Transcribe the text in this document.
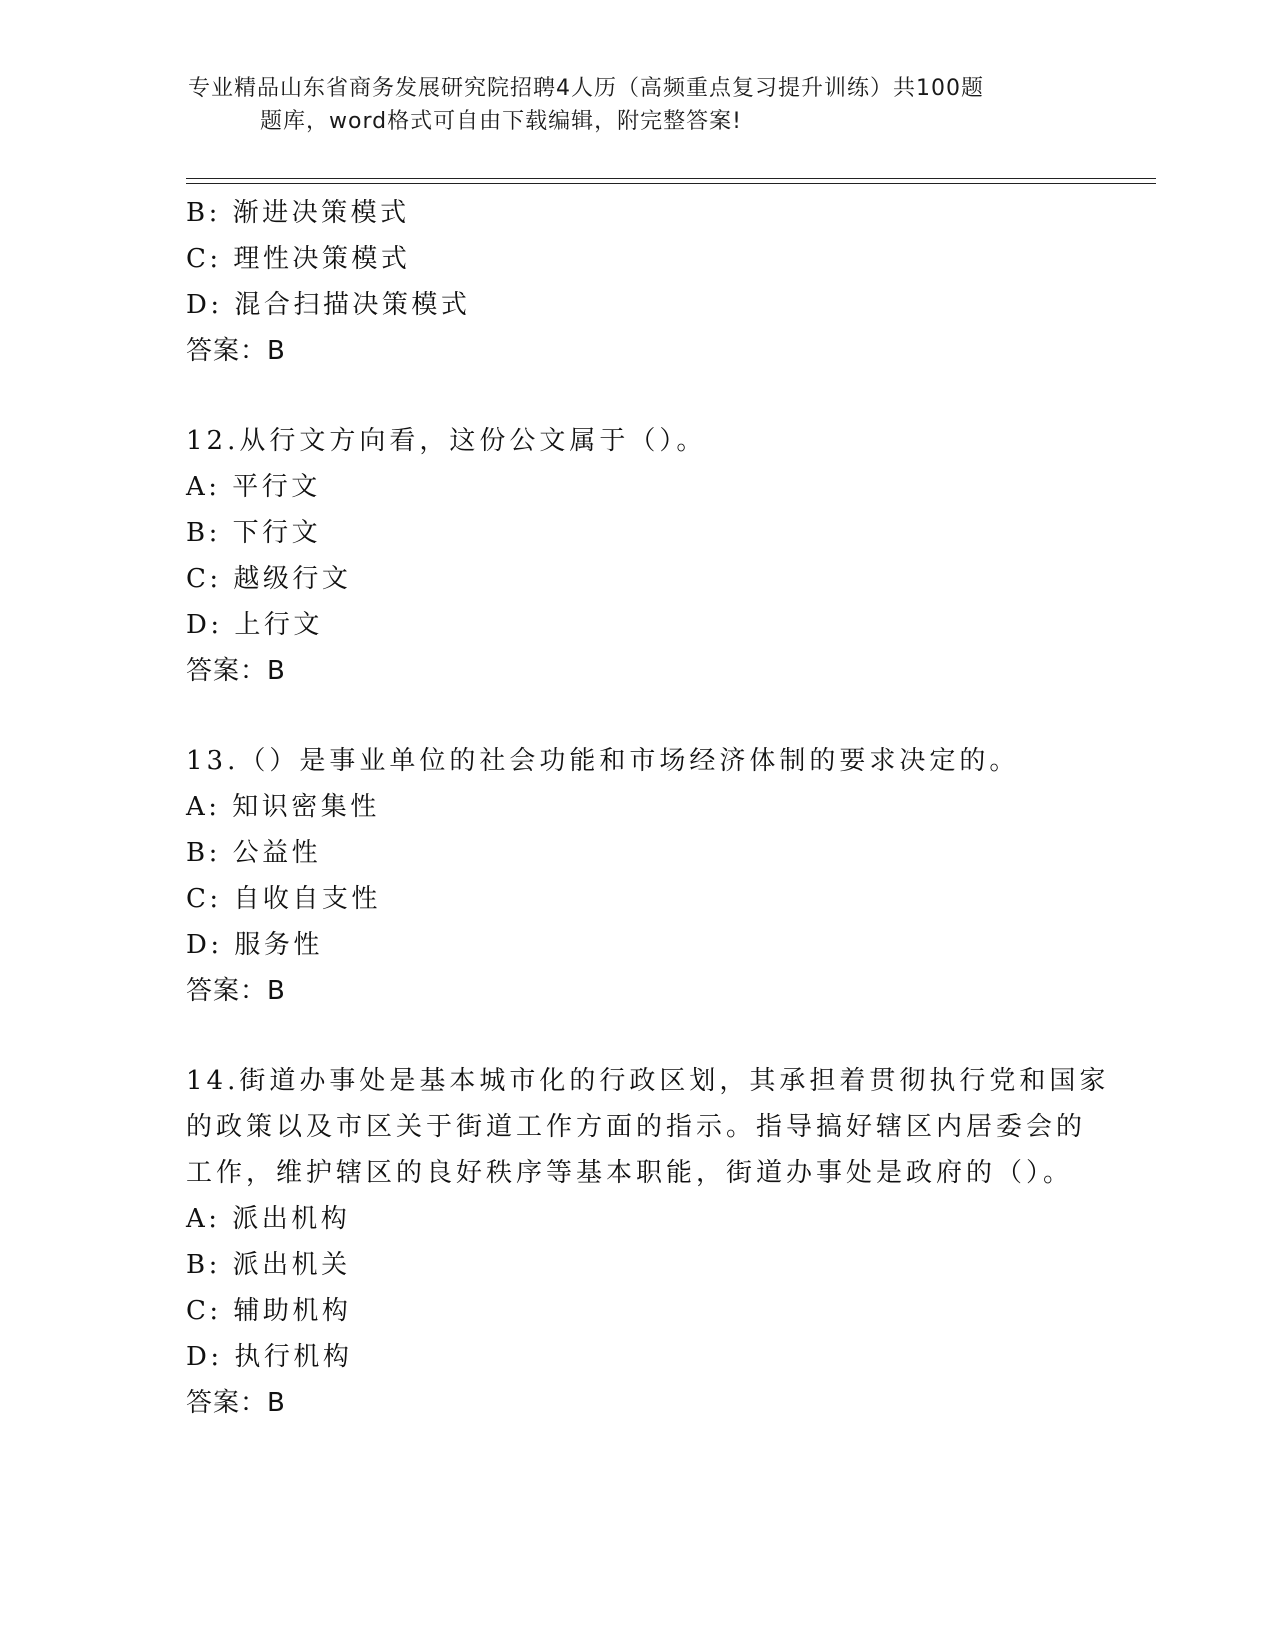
专业精品山东省商务发展研究院招聘4人历（高频重点复习提升训练）共100题
题库，word格式可自由下载编辑，附完整答案!
B: 渐进决策模式
C: 理性决策模式
D: 混合扫描决策模式
答案：B
12.从行文方向看，这份公文属于（）。
A: 平行文
B: 下行文
C: 越级行文
D: 上行文
答案：B
13.（）是事业单位的社会功能和市场经济体制的要求决定的。
A: 知识密集性
B: 公益性
C: 自收自支性
D: 服务性
答案：B
14.街道办事处是基本城市化的行政区划，其承担着贯彻执行党和国家
的政策以及市区关于街道工作方面的指示。指导搞好辖区内居委会的
工作，维护辖区的良好秩序等基本职能，街道办事处是政府的（）。
A: 派出机构
B: 派出机关
C: 辅助机构
D: 执行机构
答案：B
